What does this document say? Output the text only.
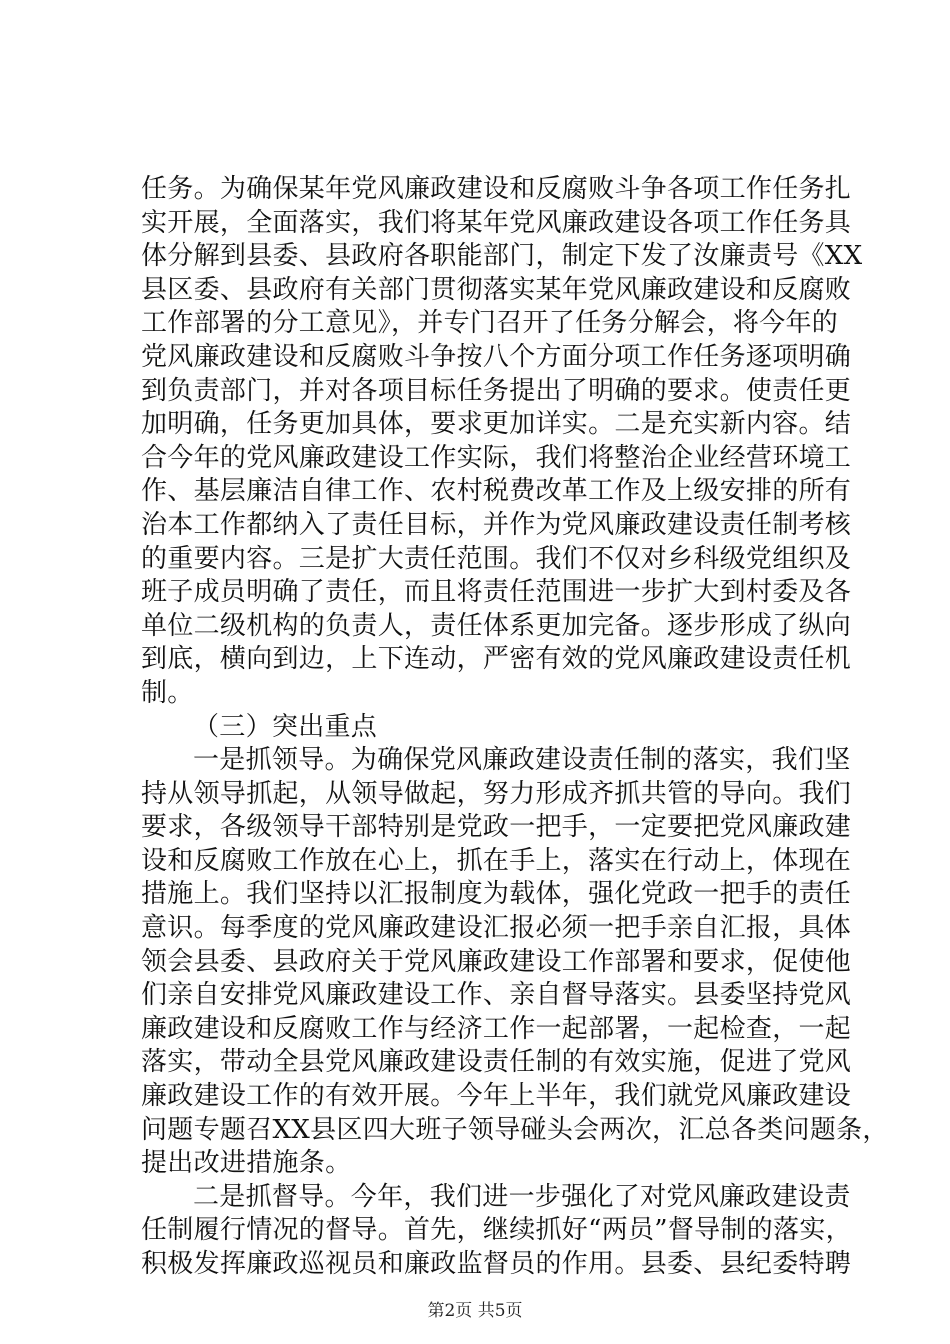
任务。为确保某年党风廉政建设和反腐败斗争各项工作任务扎
实开展，全面落实，我们将某年党风廉政建设各项工作任务具
体分解到县委、县政府各职能部门，制定下发了汝廉责号《XX
县区委、县政府有关部门贯彻落实某年党风廉政建设和反腐败
工作部署的分工意见》，并专门召开了任务分解会，将今年的
党风廉政建设和反腐败斗争按八个方面分项工作任务逐项明确
到负责部门，并对各项目标任务提出了明确的要求。使责任更
加明确，任务更加具体，要求更加详实。二是充实新内容。结
合今年的党风廉政建设工作实际，我们将整治企业经营环境工
作、基层廉洁自律工作、农村税费改革工作及上级安排的所有
治本工作都纳入了责任目标，并作为党风廉政建设责任制考核
的重要内容。三是扩大责任范围。我们不仅对乡科级党组织及
班子成员明确了责任，而且将责任范围进一步扩大到村委及各
单位二级机构的负责人，责任体系更加完备。逐步形成了纵向
到底，横向到边，上下连动，严密有效的党风廉政建设责任机
制。
（三）突出重点
一是抓领导。为确保党风廉政建设责任制的落实，我们坚
持从领导抓起，从领导做起，努力形成齐抓共管的导向。我们
要求，各级领导干部特别是党政一把手，一定要把党风廉政建
设和反腐败工作放在心上，抓在手上，落实在行动上，体现在
措施上。我们坚持以汇报制度为载体，强化党政一把手的责任
意识。每季度的党风廉政建设汇报必须一把手亲自汇报，具体
领会县委、县政府关于党风廉政建设工作部署和要求，促使他
们亲自安排党风廉政建设工作、亲自督导落实。县委坚持党风
廉政建设和反腐败工作与经济工作一起部署，一起检查，一起
落实，带动全县党风廉政建设责任制的有效实施，促进了党风
廉政建设工作的有效开展。今年上半年，我们就党风廉政建设
问题专题召XX县区四大班子领导碰头会两次，汇总各类问题条，
提出改进措施条。
二是抓督导。今年，我们进一步强化了对党风廉政建设责
任制履行情况的督导。首先，继续抓好“两员”督导制的落实，
积极发挥廉政巡视员和廉政监督员的作用。县委、县纪委特聘
第2页 共5页
